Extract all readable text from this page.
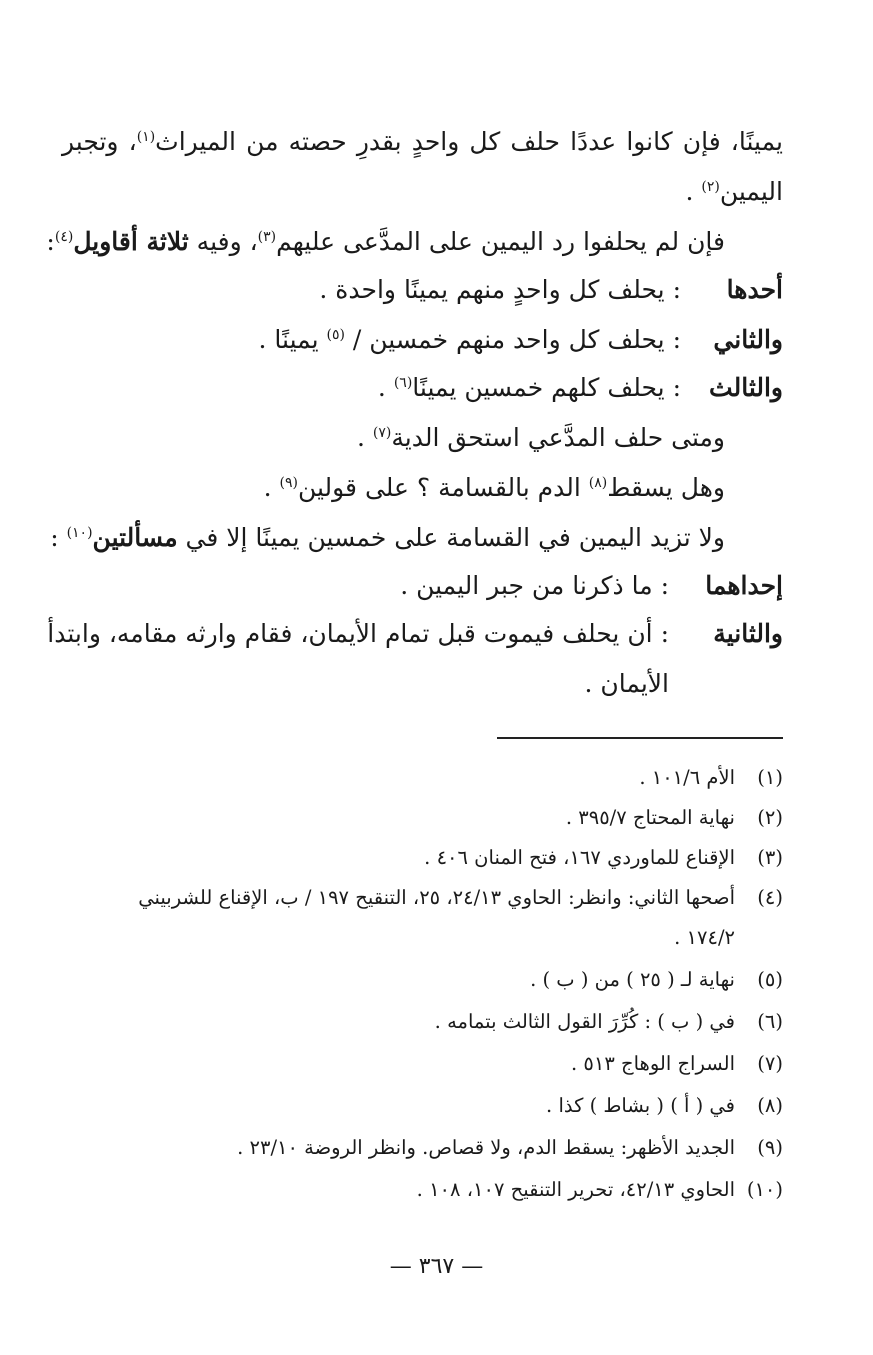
يمينًا، فإن كانوا عددًا حلف كل واحدٍ بقدرِ حصته من الميراث$^{(١)}$، وتجبر
اليمين$^{(٢)}$ .
فإن لم يحلفوا رد اليمين على المدَّعى عليهم$^{(٣)}$، وفيه ثلاثة أقاويل$^{(٤)}$:
أحدها: يحلف كل واحدٍ منهم يمينًا واحدة .
والثاني: يحلف كل واحد منهم خمسين / $^{(٥)}$ يمينًا .
والثالث: يحلف كلهم خمسين يمينًا$^{(٦)}$ .
ومتى حلف المدَّعي استحق الدية$^{(٧)}$ .
وهل يسقط$^{(٨)}$ الدم بالقسامة ؟ على قولين$^{(٩)}$ .
ولا تزيد اليمين في القسامة على خمسين يمينًا إلا في مسألتين$^{(١٠)}$ :
إحداهما: ما ذكرنا من جبر اليمين .
والثانية: أن يحلف فيموت قبل تمام الأيمان، فقام وارثه مقامه، وابتدأ
الأيمان .
(١)الأم ١٠١/٦ .
(٢)نهاية المحتاج ٣٩٥/٧ .
(٣)الإقناع للماوردي ١٦٧، فتح المنان ٤٠٦ .
(٤)أصحها الثاني: وانظر: الحاوي ٢٤/١٣، ٢٥، التنقيح ١٩٧ / ب، الإقناع للشربيني
١٧٤/٢ .
(٥)نهاية لـ ( ٢٥ ) من ( ب ) .
(٦)في ( ب ) : كُرِّرَ القول الثالث بتمامه .
(٧)السراج الوهاج ٥١٣ .
(٨)في ( أ ) ( بشاط ) كذا .
(٩)الجديد الأظهر: يسقط الدم، ولا قصاص. وانظر الروضة ٢٣/١٠ .
(١٠)الحاوي ٤٢/١٣، تحرير التنقيح ١٠٧، ١٠٨ .
— ٣٦٧ —
